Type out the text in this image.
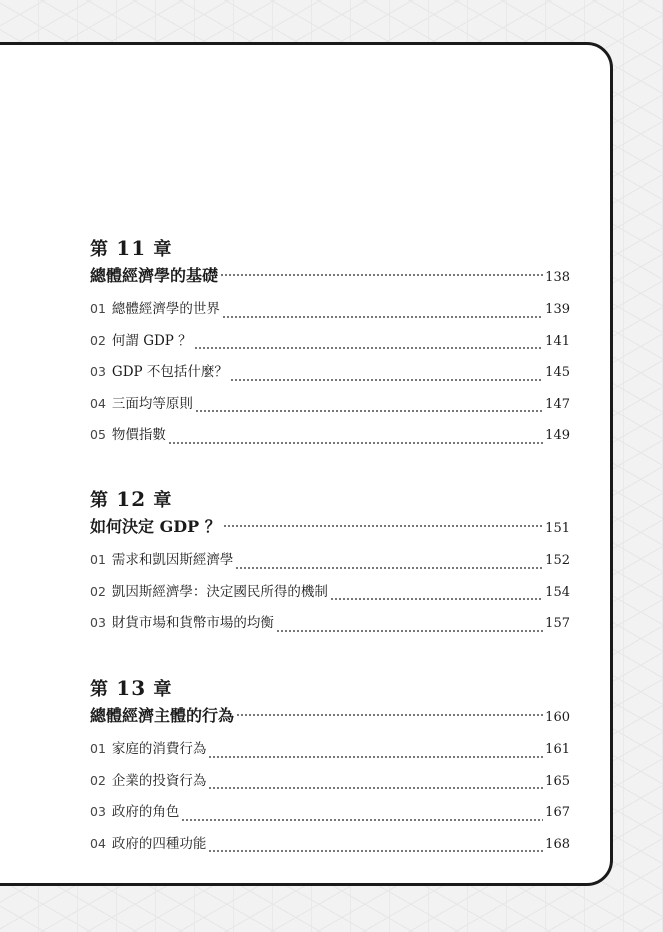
第 11 章
總體經濟學的基礎	138
01 總體經濟學的世界	139
02 何謂 GDP ？	141
03 GDP 不包括什麼？	145
04 三面均等原則	147
05 物價指數	149
第 12 章
如何決定 GDP ？	151
01 需求和凱因斯經濟學	152
02 凱因斯經濟學：決定國民所得的機制	154
03 財貨市場和貨幣市場的均衡	157
第 13 章
總體經濟主體的行為	160
01 家庭的消費行為	161
02 企業的投資行為	165
03 政府的角色	167
04 政府的四種功能	168
